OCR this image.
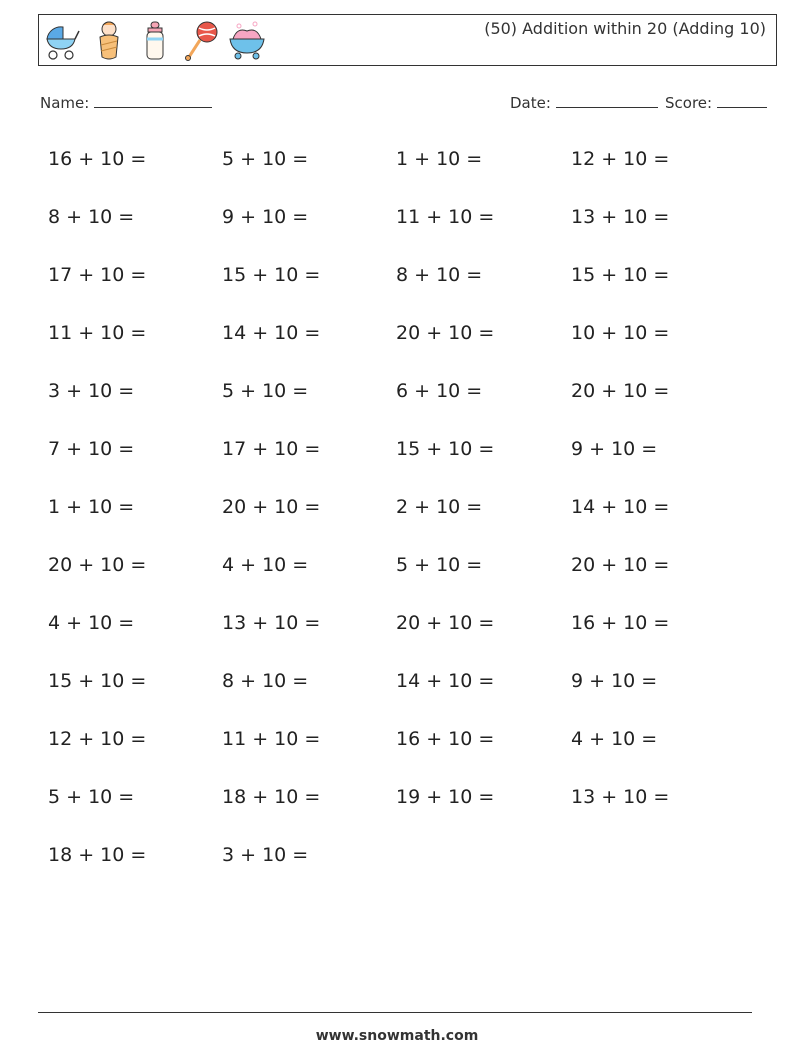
(50) Addition within 20 (Adding 10)
Name:	Date:	Score:
16 + 10 =	5 + 10 =	1 + 10 =	12 + 10 =
8 + 10 =	9 + 10 =	11 + 10 =	13 + 10 =
17 + 10 =	15 + 10 =	8 + 10 =	15 + 10 =
11 + 10 =	14 + 10 =	20 + 10 =	10 + 10 =
3 + 10 =	5 + 10 =	6 + 10 =	20 + 10 =
7 + 10 =	17 + 10 =	15 + 10 =	9 + 10 =
1 + 10 =	20 + 10 =	2 + 10 =	14 + 10 =
20 + 10 =	4 + 10 =	5 + 10 =	20 + 10 =
4 + 10 =	13 + 10 =	20 + 10 =	16 + 10 =
15 + 10 =	8 + 10 =	14 + 10 =	9 + 10 =
12 + 10 =	11 + 10 =	16 + 10 =	4 + 10 =
5 + 10 =	18 + 10 =	19 + 10 =	13 + 10 =
18 + 10 =	3 + 10 =
www.snowmath.com
